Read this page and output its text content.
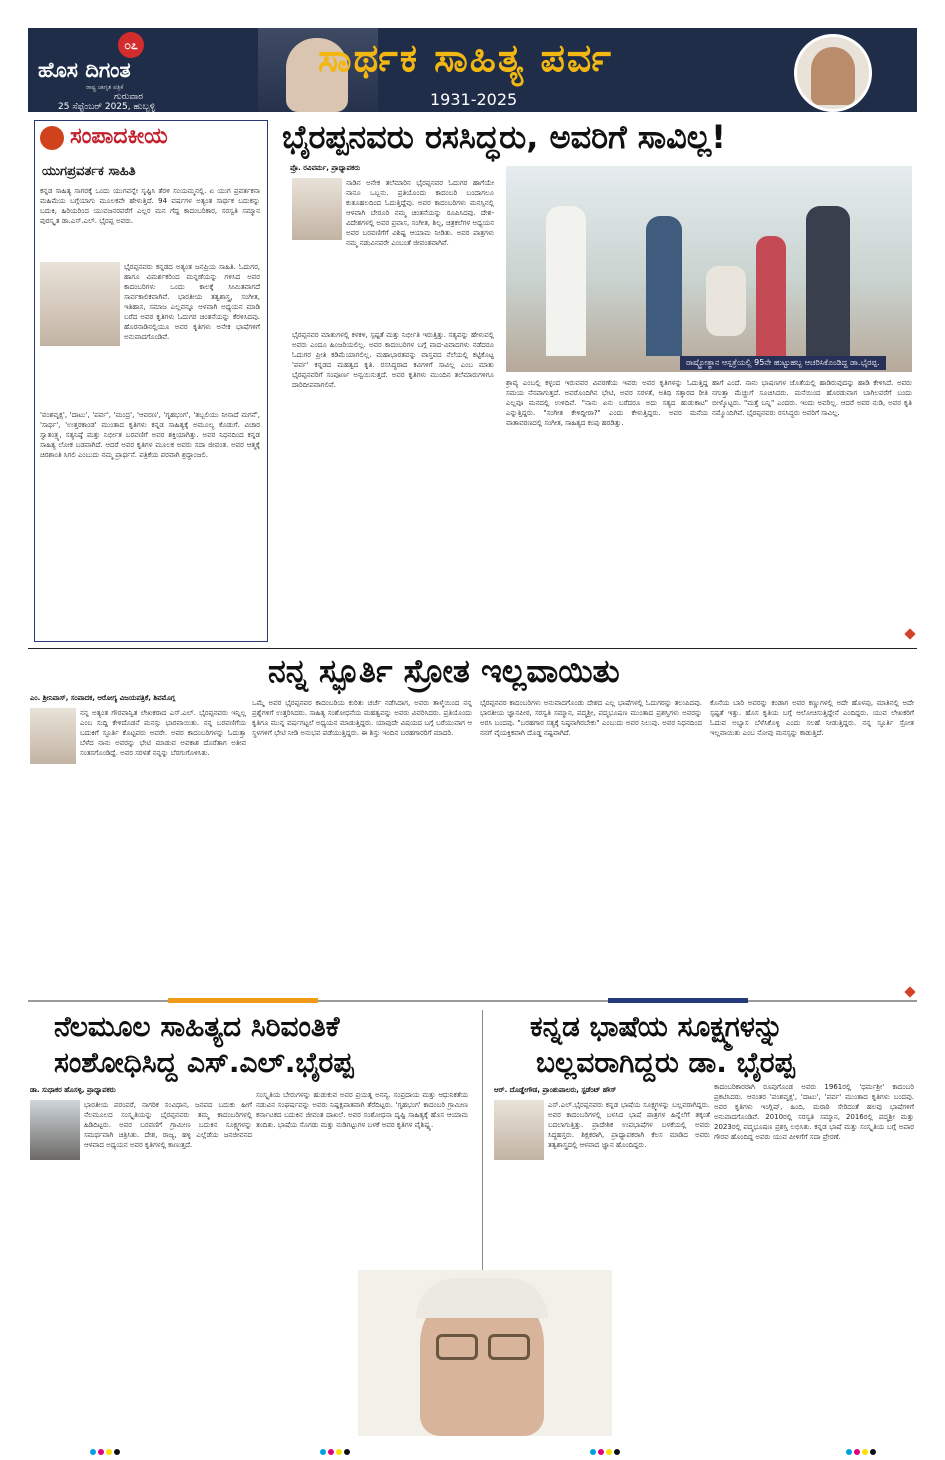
೦೭
ಹೊಸ ದಿಗಂತ
ರಾಷ್ಟ್ರ ಜಾಗೃತ ಪತ್ರಿಕೆ
ಗುರುವಾರ
25 ಸೆಪ್ಟೆಂಬರ್ 2025, ಹುಬ್ಬಳ್ಳಿ
ಸಾರ್ಥಕ ಸಾಹಿತ್ಯ ಪರ್ವ
1931-2025
ಸಂಪಾದಕೀಯ
ಯುಗಪ್ರವರ್ತಕ ಸಾಹಿತಿ
ಕನ್ನಡ ಸಾಹಿತ್ಯ ಸಾಗರಕ್ಕೆ ಒಂದು ಯುಗವನ್ನೇ ಸೃಷ್ಟಿಸಿ ತೆರಳಿ ಸಂಯಮ್ಮನಲ್ಲಿ. ಏ ಯುಗ ಪ್ರವರ್ತಕನಾ ಮಹಿಮೆಯ ಬಗ್ಗೆಯಾಗು ಮೂಲಕವೇ ಹೇಳುತ್ತಿದೆ. 94 ವರ್ಷಗಳ ಅತ್ಯಂತ ಸಾರ್ಥಕ ಬದುಕನ್ನು ಬದುಕಿ, ಹಿರಿಯರಿಂದ ಯುವಜನರವರೆಗೆ ಎಲ್ಲರ ಮನ ಗೆದ್ದ ಕಾದಂಬರಿಕಾರ, ಸರಸ್ವತಿ ಸಮ್ಮಾನ ಪುರಸ್ಕೃತ ಡಾ.ಎಸ್.ಎಲ್. ಭೈರಪ್ಪ ಅವರು.
ಭೈರಪ್ಪನವರು ಕನ್ನಡದ ಅತ್ಯಂತ ಜನಪ್ರಿಯ ಸಾಹಿತಿ. ಓದುಗರ, ಹಾಗೂ ವಿಮರ್ಶಕರಿಂದ ಮನ್ನಣೆಯನ್ನು ಗಳಿಸಿದ ಅವರ ಕಾದಂಬರಿಗಳು ಒಂದು ಕಾಲಕ್ಕೆ ಸೀಮಿತವಾಗದೆ ಸಾರ್ವಕಾಲಿಕವಾಗಿವೆ. ಭಾರತೀಯ ತತ್ವಶಾಸ್ತ್ರ, ಸಂಗೀತ, ಇತಿಹಾಸ, ಸಮಾಜ ಎಲ್ಲವನ್ನೂ ಆಳವಾಗಿ ಅಧ್ಯಯನ ಮಾಡಿ ಬರೆದ ಅವರ ಕೃತಿಗಳು ಓದುಗರ ಚಿಂತನೆಯನ್ನು ಕೆರಳಿಸಿದವು. ಹೊರನಾಡಿನಲ್ಲಿಯೂ ಅವರ ಕೃತಿಗಳು ಅನೇಕ ಭಾಷೆಗಳಿಗೆ ಅನುವಾದಗೊಂಡಿವೆ.
'ವಂಶವೃಕ್ಷ', 'ದಾಟು', 'ಪರ್ವ', 'ಮಂದ್ರ', 'ಆವರಣ', 'ಗೃಹಭಂಗ', 'ತಬ್ಬಲಿಯು ನೀನಾದೆ ಮಗನೆ', 'ಸಾರ್ಥ', 'ಉತ್ತರಕಾಂಡ' ಮುಂತಾದ ಕೃತಿಗಳು ಕನ್ನಡ ಸಾಹಿತ್ಯಕ್ಕೆ ಅಮೂಲ್ಯ ಕೊಡುಗೆ. ವಿಚಾರ ಸ್ವಾತಂತ್ರ್ಯ, ಸತ್ಯನಿಷ್ಠೆ ಮತ್ತು ನಿರ್ಭೀತ ಬರವಣಿಗೆ ಅವರ ಶಕ್ತಿಯಾಗಿತ್ತು. ಅವರ ನಿಧನದಿಂದ ಕನ್ನಡ ಸಾಹಿತ್ಯ ಲೋಕ ಬಡವಾಗಿದೆ. ಆದರೆ ಅವರ ಕೃತಿಗಳ ಮೂಲಕ ಅವರು ಸದಾ ಜೀವಂತ. ಅವರ ಆತ್ಮಕ್ಕೆ ಚಿರಶಾಂತಿ ಸಿಗಲಿ ಎಂಬುದು ನಮ್ಮ ಪ್ರಾರ್ಥನೆ. ಪತ್ರಿಕೆಯ ಪರವಾಗಿ ಶ್ರದ್ಧಾಂಜಲಿ.
ಭೈರಪ್ಪನವರು ರಸಸಿದ್ಧರು, ಅವರಿಗೆ ಸಾವಿಲ್ಲ!
ಪ್ರೊ. ರವಿವರ್ಮ, ಪ್ರಾಧ್ಯಾಪಕರು
ನಾಡಿನ ಅನೇಕ ತಲೆಮಾರಿನ ಭೈರಪ್ಪನವರ ಓದುಗರ ಹಾಗೆಯೇ ನಾನೂ ಒಬ್ಬನು. ಪ್ರತಿಯೊಂದು ಕಾದಂಬರಿ ಬಂದಾಗಲೂ ಕುತೂಹಲದಿಂದ ಓದುತ್ತಿದ್ದೆವು. ಅವರ ಕಾದಂಬರಿಗಳು ಮನಸ್ಸಿನಲ್ಲಿ ಆಳವಾಗಿ ಬೇರೂರಿ ನಮ್ಮ ಚಿಂತನೆಯನ್ನು ರೂಪಿಸಿದವು. ದೇಶ-ವಿದೇಶಗಳಲ್ಲಿ ಅವರ ಪ್ರವಾಸ, ಸಂಗೀತ, ಶಿಲ್ಪ, ಚಿತ್ರಕಲೆಗಳ ಅಧ್ಯಯನ ಅವರ ಬರವಣಿಗೆಗೆ ವಿಶಿಷ್ಟ ಆಯಾಮ ನೀಡಿತು. ಅವರ ಪಾತ್ರಗಳು ನಮ್ಮ ನಡುವಿನವರೇ ಎಂಬಂತೆ ಜೀವಂತವಾಗಿವೆ.
ಭೈರಪ್ಪನವರ ಮಾತುಗಳಲ್ಲಿ ಕಳಕಳಿ, ಸ್ಪಷ್ಟತೆ ಮತ್ತು ನಿರ್ಭೀತಿ ಇರುತ್ತಿತ್ತು. ಸತ್ಯವನ್ನು ಹೇಳುವಲ್ಲಿ ಅವರು ಎಂದೂ ಹಿಂಜರಿಯಲಿಲ್ಲ. ಅವರ ಕಾದಂಬರಿಗಳ ಬಗ್ಗೆ ವಾದ-ವಿವಾದಗಳು ನಡೆದರೂ ಓದುಗರ ಪ್ರೀತಿ ಕಡಿಮೆಯಾಗಲಿಲ್ಲ. ಮಹಾಭಾರತವನ್ನು ವಾಸ್ತವದ ನೆಲೆಯಲ್ಲಿ ಕಟ್ಟಿಕೊಟ್ಟ 'ಪರ್ವ' ಕನ್ನಡದ ಮಹತ್ವದ ಕೃತಿ. ರಸಸಿದ್ಧರಾದ ಕವಿಗಳಿಗೆ ಸಾವಿಲ್ಲ ಎಂಬ ಮಾತು ಭೈರಪ್ಪನವರಿಗೆ ಸಂಪೂರ್ಣ ಅನ್ವಯಿಸುತ್ತದೆ. ಅವರ ಕೃತಿಗಳು ಮುಂದಿನ ತಲೆಮಾರುಗಳಿಗೂ ದಾರಿದೀಪವಾಗಲಿವೆ.
ರಾಷ್ಟ್ರೋತ್ಥಾನ ಆಸ್ಪತ್ರೆಯಲ್ಲಿ 95ನೇ ಹುಟ್ಟುಹಬ್ಬ ಆಚರಿಸಿಕೊಂಡಿದ್ದ ಡಾ.ಭೈರಪ್ಪ.
ಶ್ರಾವ್ಯ ಎಂಬಲ್ಲಿ ಕಳ್ಳಂದ ಇರುವವರ ವಿವರಣೆಯ ಇವರು ಅವರ ಕೃತಿಗಳನ್ನು ಓದುತ್ತಿದ್ದ ಸಮಯ ನೆನಪಾಗುತ್ತದೆ. ಅವರೊಂದಿಗಿನ ಭೇಟಿ, ಅವರ ಸರಳತೆ, ಅತಿಥಿ ಸತ್ಕಾರದ ರೀತಿ ಎಲ್ಲವೂ ಮನದಲ್ಲಿ ಉಳಿದಿವೆ. "ನಾನು ಏನು ಬರೆದರೂ ಅದು ಸತ್ಯದ ಹುಡುಕಾಟ" ಎನ್ನುತ್ತಿದ್ದರು. "ಸಂಗೀತ ಕೇಳಿದ್ದೀರಾ?" ಎಂದು ಕೇಳುತ್ತಿದ್ದರು. ಅವರ ಮನೆಯ ವಾತಾವರಣದಲ್ಲಿ ಸಂಗೀತ, ಸಾಹಿತ್ಯದ ಕಂಪು ಹರಡಿತ್ತು.
ಹಾಗೆ ಎಂದೆ. ನಾನು ಭಾಷಣಗಳ ಜೊತೆಯಲ್ಲಿ ಹಾಡಿರುವುದನ್ನು ಹಾಡಿ ಕೇಳಿಸಿದೆ. ಅವರು ನಗುತ್ತಾ ಮೆಚ್ಚುಗೆ ಸೂಚಿಸಿದರು. ಮನೆಯಿಂದ ಹೊರಡುವಾಗ ಬಾಗಿಲವರೆಗೆ ಬಂದು ಬೀಳ್ಕೊಟ್ಟರು. "ಮತ್ತೆ ಬನ್ನಿ" ಎಂದರು. ಇಂದು ಅವರಿಲ್ಲ. ಆದರೆ ಅವರ ನುಡಿ, ಅವರ ಕೃತಿ ನಮ್ಮೊಂದಿಗಿವೆ. ಭೈರಪ್ಪನವರು ರಸಸಿದ್ಧರು ಅವರಿಗೆ ಸಾವಿಲ್ಲ.
ನನ್ನ ಸ್ಫೂರ್ತಿ ಸ್ರೋತ ಇಲ್ಲವಾಯಿತು
ಎಂ. ಶ್ರೀನಿವಾಸ್, ಸಂಪಾದಕ, ಆರೋಗ್ಯ ವಿಜಯಪತ್ರಿಕೆ, ಶಿವಮೊಗ್ಗ
ನನ್ನ ಅತ್ಯಂತ ಗೌರವಾನ್ವಿತ ಲೇಖಕರಾದ ಎಸ್.ಎಲ್. ಭೈರಪ್ಪನವರು ಇನ್ನಿಲ್ಲ ಎಂಬ ಸುದ್ದಿ ಕೇಳಿದೊಡನೆ ಮನಸ್ಸು ಭಾರವಾಯಿತು. ನನ್ನ ಬರವಣಿಗೆಯ ಬದುಕಿಗೆ ಸ್ಫೂರ್ತಿ ಕೊಟ್ಟವರು ಅವರೇ. ಅವರ ಕಾದಂಬರಿಗಳನ್ನು ಓದುತ್ತಾ ಬೆಳೆದ ನಾನು ಅವರನ್ನು ಭೇಟಿ ಮಾಡುವ ಅವಕಾಶ ದೊರೆತಾಗ ಅತೀವ ಸಂತಸಗೊಂಡಿದ್ದೆ. ಅವರ ಸರಳತೆ ನನ್ನನ್ನು ಬೆರಗುಗೊಳಿಸಿತು.
ಒಮ್ಮೆ ಅವರ ಭೈರಪ್ಪನವರ ಕಾದಂಬರಿಯ ಕುರಿತು ಚರ್ಚೆ ನಡೆಸಿದಾಗ, ಅವರು ತಾಳ್ಮೆಯಿಂದ ನನ್ನ ಪ್ರಶ್ನೆಗಳಿಗೆ ಉತ್ತರಿಸಿದರು. ಸಾಹಿತ್ಯ ಸಂಶೋಧನೆಯ ಮಹತ್ವವನ್ನು ಅವರು ವಿವರಿಸಿದರು. ಪ್ರತಿಯೊಂದು ಕೃತಿಗೂ ಮುನ್ನ ವರ್ಷಗಟ್ಟಲೆ ಅಧ್ಯಯನ ಮಾಡುತ್ತಿದ್ದರು. ಯಾವುದೇ ವಿಷಯದ ಬಗ್ಗೆ ಬರೆಯುವಾಗ ಆ ಸ್ಥಳಗಳಿಗೆ ಭೇಟಿ ನೀಡಿ ಅನುಭವ ಪಡೆಯುತ್ತಿದ್ದರು. ಈ ಶಿಸ್ತು ಇಂದಿನ ಬರಹಗಾರರಿಗೆ ಮಾದರಿ.
ಭೈರಪ್ಪನವರ ಕಾದಂಬರಿಗಳು ಅನುವಾದಗೊಂಡು ದೇಶದ ಎಲ್ಲ ಭಾಷೆಗಳಲ್ಲಿ ಓದುಗರನ್ನು ತಲುಪಿದವು. ಭಾರತೀಯ ಜ್ಞಾನಪೀಠ, ಸರಸ್ವತಿ ಸಮ್ಮಾನ, ಪದ್ಮಶ್ರೀ, ಪದ್ಮಭೂಷಣ ಮುಂತಾದ ಪ್ರಶಸ್ತಿಗಳು ಅವರನ್ನು ಅರಸಿ ಬಂದವು. "ಬರಹಗಾರ ಸತ್ಯಕ್ಕೆ ನಿಷ್ಠನಾಗಿರಬೇಕು" ಎಂಬುದು ಅವರ ನಿಲುವು. ಅವರ ನಿಧನದಿಂದ ನನಗೆ ವೈಯಕ್ತಿಕವಾಗಿ ದೊಡ್ಡ ನಷ್ಟವಾಗಿದೆ.
ಕೊನೆಯ ಬಾರಿ ಅವರನ್ನು ಕಂಡಾಗ ಅವರ ಕಣ್ಣುಗಳಲ್ಲಿ ಅದೇ ಹೊಳಪು, ಮಾತಿನಲ್ಲಿ ಅದೇ ಸ್ಪಷ್ಟತೆ ಇತ್ತು. ಹೊಸ ಕೃತಿಯ ಬಗ್ಗೆ ಆಲೋಚಿಸುತ್ತಿದ್ದೇನೆ ಎಂದಿದ್ದರು. ಯುವ ಲೇಖಕರಿಗೆ ಓದುವ ಅಭ್ಯಾಸ ಬೆಳೆಸಿಕೊಳ್ಳಿ ಎಂದು ಸಲಹೆ ನೀಡುತ್ತಿದ್ದರು. ನನ್ನ ಸ್ಫೂರ್ತಿ ಸ್ರೋತ ಇಲ್ಲವಾಯಿತು ಎಂಬ ನೋವು ಮನಸ್ಸನ್ನು ಕಾಡುತ್ತಿದೆ.
ನೆಲಮೂಲ ಸಾಹಿತ್ಯದ ಸಿರಿವಂತಿಕೆ
ಸಂಶೋಧಿಸಿದ್ದ ಎಸ್.ಎಲ್.ಭೈರಪ್ಪ
ಡಾ. ಸುಧಾಕರ ಹೊಸಳ್ಳಿ, ಪ್ರಾಧ್ಯಾಪಕರು
ಭಾರತೀಯ ಪರಂಪರೆ, ನಾಗರಿಕ ಸಂವಿಧಾನ, ಜನಪದ ಬದುಕು ಹೀಗೆ ನೆಲಮೂಲದ ಸಂಸ್ಕೃತಿಯನ್ನು ಭೈರಪ್ಪನವರು ತಮ್ಮ ಕಾದಂಬರಿಗಳಲ್ಲಿ ಹಿಡಿದಿಟ್ಟರು. ಅವರ ಬರವಣಿಗೆ ಗ್ರಾಮೀಣ ಬದುಕಿನ ಸೂಕ್ಷ್ಮಗಳನ್ನು ಸಮರ್ಥವಾಗಿ ಚಿತ್ರಿಸಿತು. ದೇಶ, ರಾಜ್ಯ, ಹಳ್ಳಿ ಎಲ್ಲೆಡೆಯ ಜನಜೀವನದ ಆಳವಾದ ಅಧ್ಯಯನ ಅವರ ಕೃತಿಗಳಲ್ಲಿ ಕಾಣುತ್ತದೆ.
ಸಂಸ್ಕೃತಿಯ ಬೇರುಗಳನ್ನು ಹುಡುಕುವ ಅವರ ಪ್ರಯತ್ನ ಅನನ್ಯ. ಸಂಪ್ರದಾಯ ಮತ್ತು ಆಧುನಿಕತೆಯ ನಡುವಿನ ಸಂಘರ್ಷವನ್ನು ಅವರು ನಿಷ್ಪಕ್ಷಪಾತವಾಗಿ ತೆರೆದಿಟ್ಟರು. 'ಗೃಹಭಂಗ' ಕಾದಂಬರಿ ಗ್ರಾಮೀಣ ಕರ್ನಾಟಕದ ಬದುಕಿನ ಜೀವಂತ ದಾಖಲೆ. ಅವರ ಸಂಶೋಧನಾ ದೃಷ್ಟಿ ಸಾಹಿತ್ಯಕ್ಕೆ ಹೊಸ ಆಯಾಮ ತಂದಿತು. ಭಾಷೆಯ ಸೊಗಡು ಮತ್ತು ನುಡಿಗಟ್ಟುಗಳ ಬಳಕೆ ಅವರ ಕೃತಿಗಳ ವೈಶಿಷ್ಟ್ಯ.
ಕನ್ನಡ ಭಾಷೆಯ ಸೂಕ್ಷ್ಮಗಳನ್ನು
ಬಲ್ಲವರಾಗಿದ್ದರು ಡಾ. ಭೈರಪ್ಪ
ಆರ್. ದೊಡ್ಡೇಗೌಡ, ಪ್ರಾಂಶುಪಾಲರು, ಸ್ಟಡೆಂಟ್ ಹೌಸ್
ಎಸ್.ಎಲ್.ಭೈರಪ್ಪನವರು ಕನ್ನಡ ಭಾಷೆಯ ಸೂಕ್ಷ್ಮಗಳನ್ನು ಬಲ್ಲವರಾಗಿದ್ದರು. ಅವರ ಕಾದಂಬರಿಗಳಲ್ಲಿ ಬಳಸಿದ ಭಾಷೆ ಪಾತ್ರಗಳ ಹಿನ್ನೆಲೆಗೆ ತಕ್ಕಂತೆ ಬದಲಾಗುತ್ತಿತ್ತು. ಪ್ರಾದೇಶಿಕ ಉಪಭಾಷೆಗಳ ಬಳಕೆಯಲ್ಲಿ ಅವರು ಸಿದ್ಧಹಸ್ತರು. ಶಿಕ್ಷಕರಾಗಿ, ಪ್ರಾಧ್ಯಾಪಕರಾಗಿ ಕೆಲಸ ಮಾಡಿದ ಅವರು ತತ್ವಶಾಸ್ತ್ರದಲ್ಲಿ ಆಳವಾದ ಜ್ಞಾನ ಹೊಂದಿದ್ದರು.
ಕಾದಂಬರಿಕಾರರಾಗಿ ರೂಪುಗೊಂಡ ಅವರು 1961ರಲ್ಲಿ 'ಧರ್ಮಶ್ರೀ' ಕಾದಂಬರಿ ಪ್ರಕಟಿಸಿದರು. ಆನಂತರ 'ವಂಶವೃಕ್ಷ', 'ದಾಟು', 'ಪರ್ವ' ಮುಂತಾದ ಕೃತಿಗಳು ಬಂದವು. ಅವರ ಕೃತಿಗಳು ಇಂಗ್ಲಿಷ್, ಹಿಂದಿ, ಮರಾಠಿ ಸೇರಿದಂತೆ ಹಲವು ಭಾಷೆಗಳಿಗೆ ಅನುವಾದಗೊಂಡಿವೆ. 2010ರಲ್ಲಿ ಸರಸ್ವತಿ ಸಮ್ಮಾನ, 2016ರಲ್ಲಿ ಪದ್ಮಶ್ರೀ ಮತ್ತು 2023ರಲ್ಲಿ ಪದ್ಮಭೂಷಣ ಪ್ರಶಸ್ತಿ ಲಭಿಸಿತು. ಕನ್ನಡ ಭಾಷೆ ಮತ್ತು ಸಂಸ್ಕೃತಿಯ ಬಗ್ಗೆ ಅಪಾರ ಗೌರವ ಹೊಂದಿದ್ದ ಅವರು ಯುವ ಪೀಳಿಗೆಗೆ ಸದಾ ಪ್ರೇರಣೆ.
